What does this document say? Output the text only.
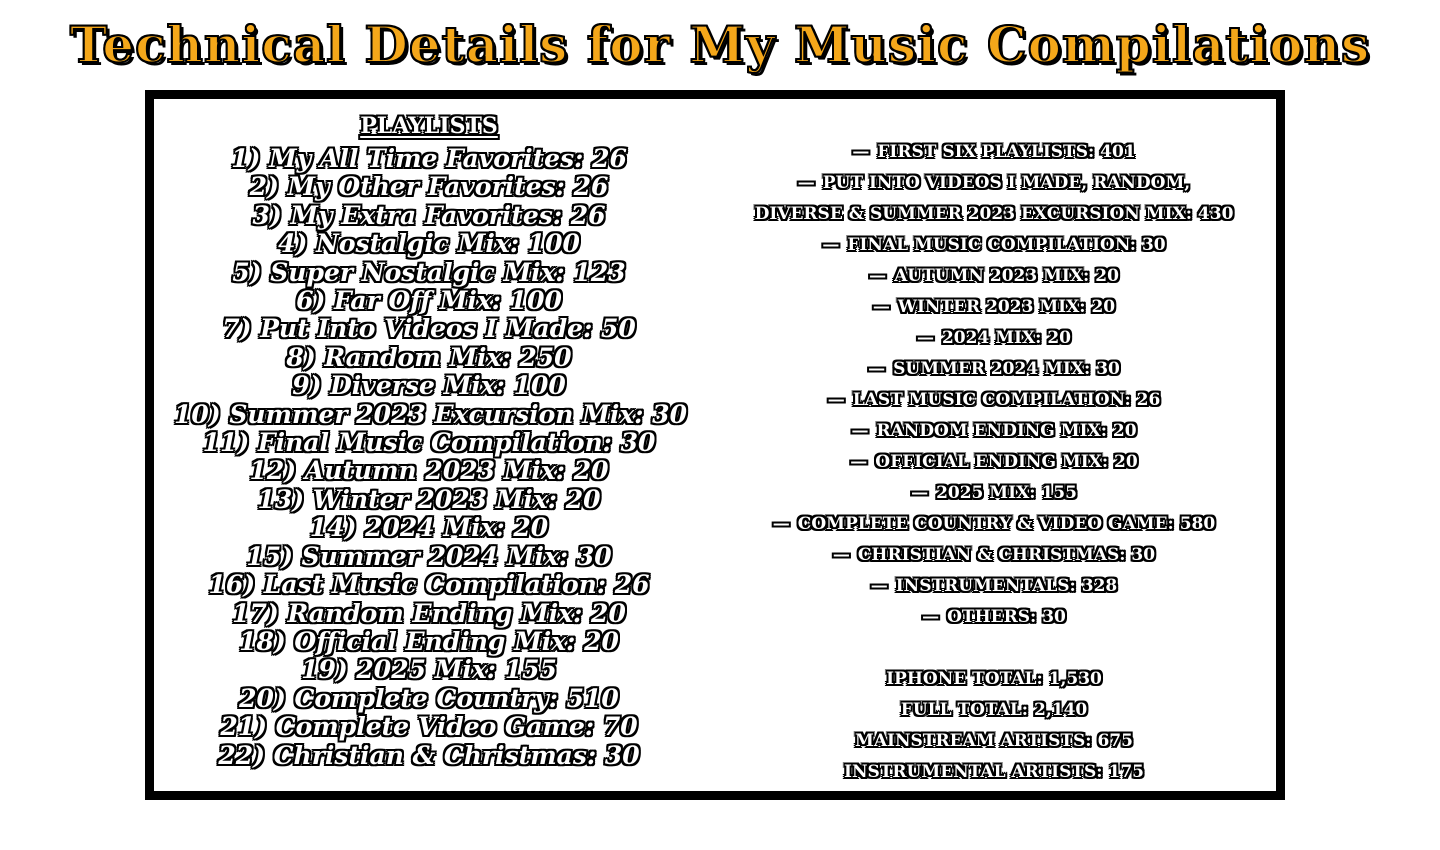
Technical Details for My Music Compilations
PLAYLISTS
1) My All Time Favorites: 26
2) My Other Favorites: 26
3) My Extra Favorites: 26
4) Nostalgic Mix: 100
5) Super Nostalgic Mix: 123
6) Far Off Mix: 100
7) Put Into Videos I Made: 50
8) Random Mix: 250
9) Diverse Mix: 100
10) Summer 2023 Excursion Mix: 30
11) Final Music Compilation: 30
12) Autumn 2023 Mix: 20
13) Winter 2023 Mix: 20
14) 2024 Mix: 20
15) Summer 2024 Mix: 30
16) Last Music Compilation: 26
17) Random Ending Mix: 20
18) Official Ending Mix: 20
19) 2025 Mix: 155
20) Complete Country: 510
21) Complete Video Game: 70
22) Christian & Christmas: 30
— FIRST SIX PLAYLISTS: 401
— PUT INTO VIDEOS I MADE, RANDOM,
DIVERSE & SUMMER 2023 EXCURSION MIX: 430
— FINAL MUSIC COMPILATION: 30
— AUTUMN 2023 MIX: 20
— WINTER 2023 MIX: 20
— 2024 MIX: 20
— SUMMER 2024 MIX: 30
— LAST MUSIC COMPILATION: 26
— RANDOM ENDING MIX: 20
— OFFICIAL ENDING MIX: 20
— 2025 MIX: 155
— COMPLETE COUNTRY & VIDEO GAME: 580
— CHRISTIAN & CHRISTMAS: 30
— INSTRUMENTALS: 328
— OTHERS: 30
IPHONE TOTAL: 1,530
FULL TOTAL: 2,140
MAINSTREAM ARTISTS: 675
INSTRUMENTAL ARTISTS: 175
